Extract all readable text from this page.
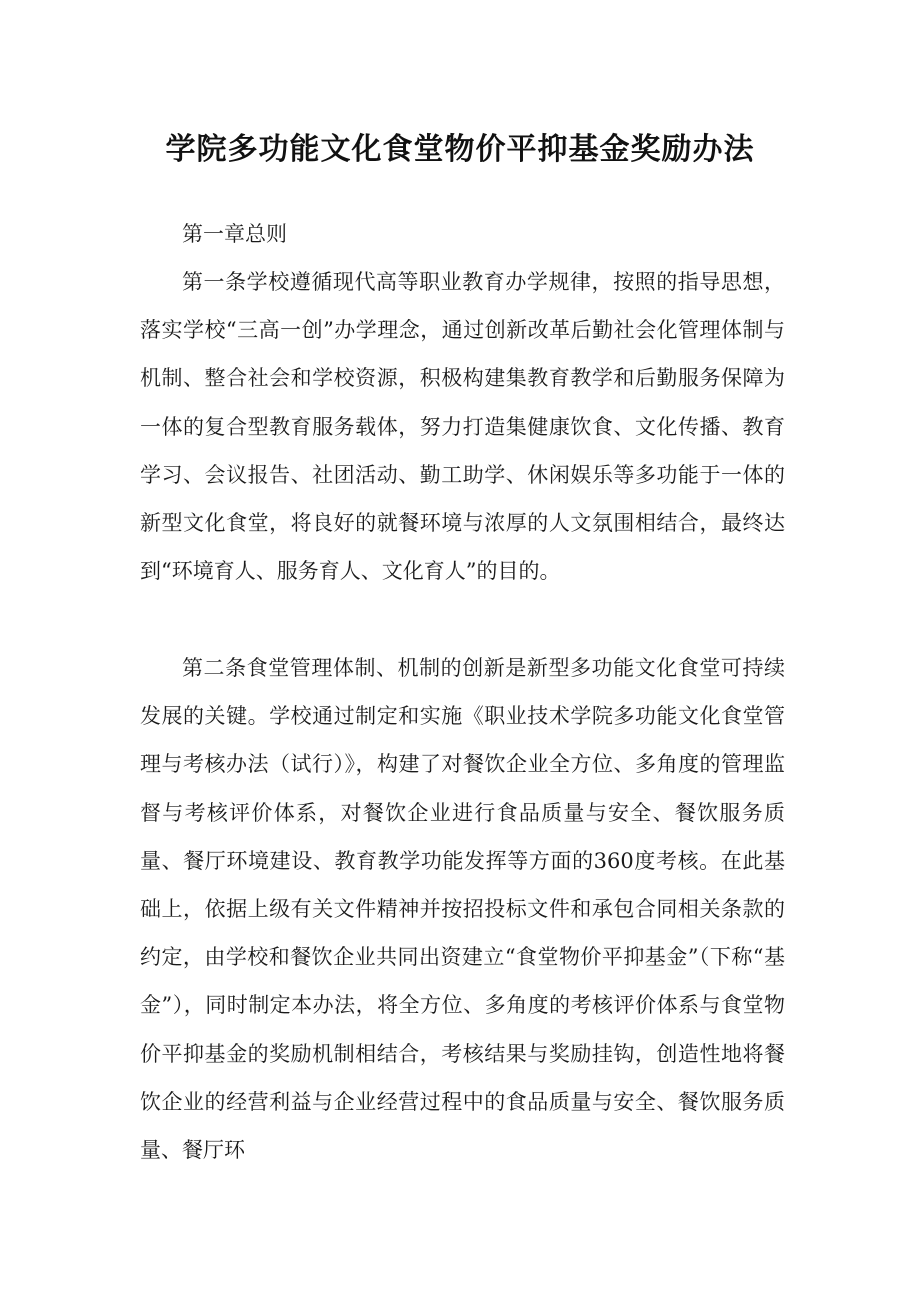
学院多功能文化食堂物价平抑基金奖励办法
第一章总则

第一条学校遵循现代高等职业教育办学规律，按照的指导思想，落实学校“三高一创”办学理念，通过创新改革后勤社会化管理体制与机制、整合社会和学校资源，积极构建集教育教学和后勤服务保障为一体的复合型教育服务载体，努力打造集健康饮食、文化传播、教育学习、会议报告、社团活动、勤工助学、休闲娱乐等多功能于一体的新型文化食堂，将良好的就餐环境与浓厚的人文氛围相结合，最终达到“环境育人、服务育人、文化育人”的目的。

第二条食堂管理体制、机制的创新是新型多功能文化食堂可持续发展的关键。学校通过制定和实施《职业技术学院多功能文化食堂管理与考核办法（试行）》，构建了对餐饮企业全方位、多角度的管理监督与考核评价体系，对餐饮企业进行食品质量与安全、餐饮服务质量、餐厅环境建设、教育教学功能发挥等方面的360度考核。在此基础上，依据上级有关文件精神并按招投标文件和承包合同相关条款的约定，由学校和餐饮企业共同出资建立“食堂物价平抑基金”（下称“基金”），同时制定本办法，将全方位、多角度的考核评价体系与食堂物价平抑基金的奖励机制相结合，考核结果与奖励挂钩，创造性地将餐饮企业的经营利益与企业经营过程中的食品质量与安全、餐饮服务质量、餐厅环
